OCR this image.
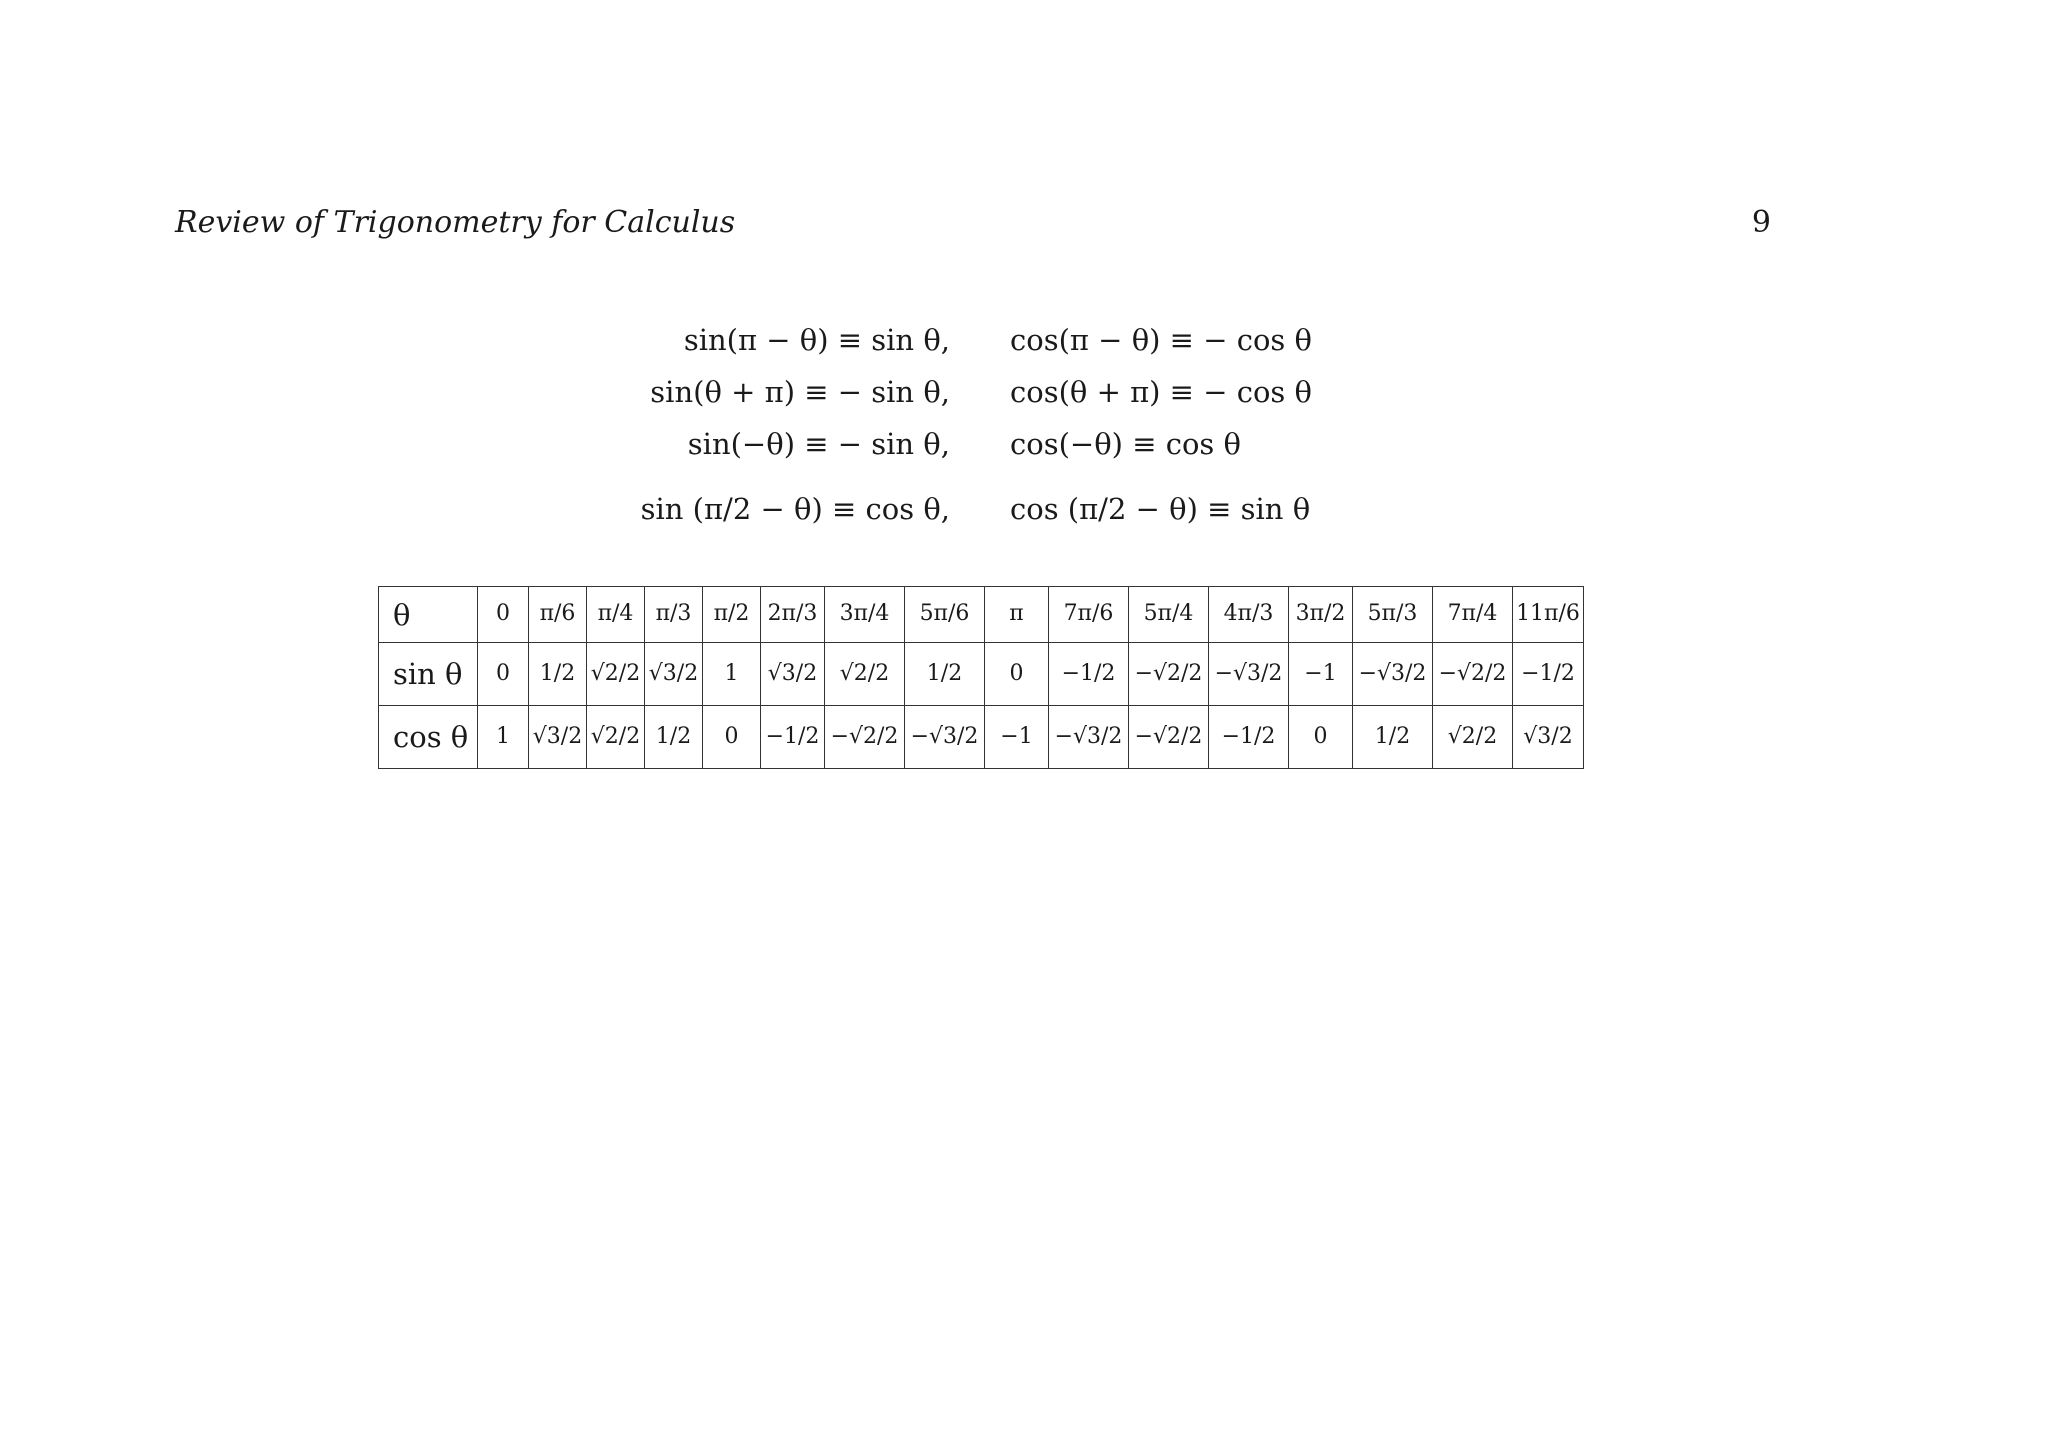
Review of Trigonometry for Calculus	9
sin(π − θ) ≡ sin θ,	cos(π − θ) ≡ − cos θ
sin(θ + π) ≡ − sin θ,	cos(θ + π) ≡ − cos θ
sin(−θ) ≡ − sin θ,	cos(−θ) ≡ cos θ
sin (π/2 − θ) ≡ cos θ,	cos (π/2 − θ) ≡ sin θ
θ	0	π/6	π/4	π/3	π/2	2π/3	3π/4	5π/6	π	7π/6	5π/4	4π/3	3π/2	5π/3	7π/4	11π/6
sin θ	0	1/2	√2/2	√3/2	1	√3/2	√2/2	1/2	0	−1/2	−√2/2	−√3/2	−1	−√3/2	−√2/2	−1/2
cos θ	1	√3/2	√2/2	1/2	0	−1/2	−√2/2	−√3/2	−1	−√3/2	−√2/2	−1/2	0	1/2	√2/2	√3/2
